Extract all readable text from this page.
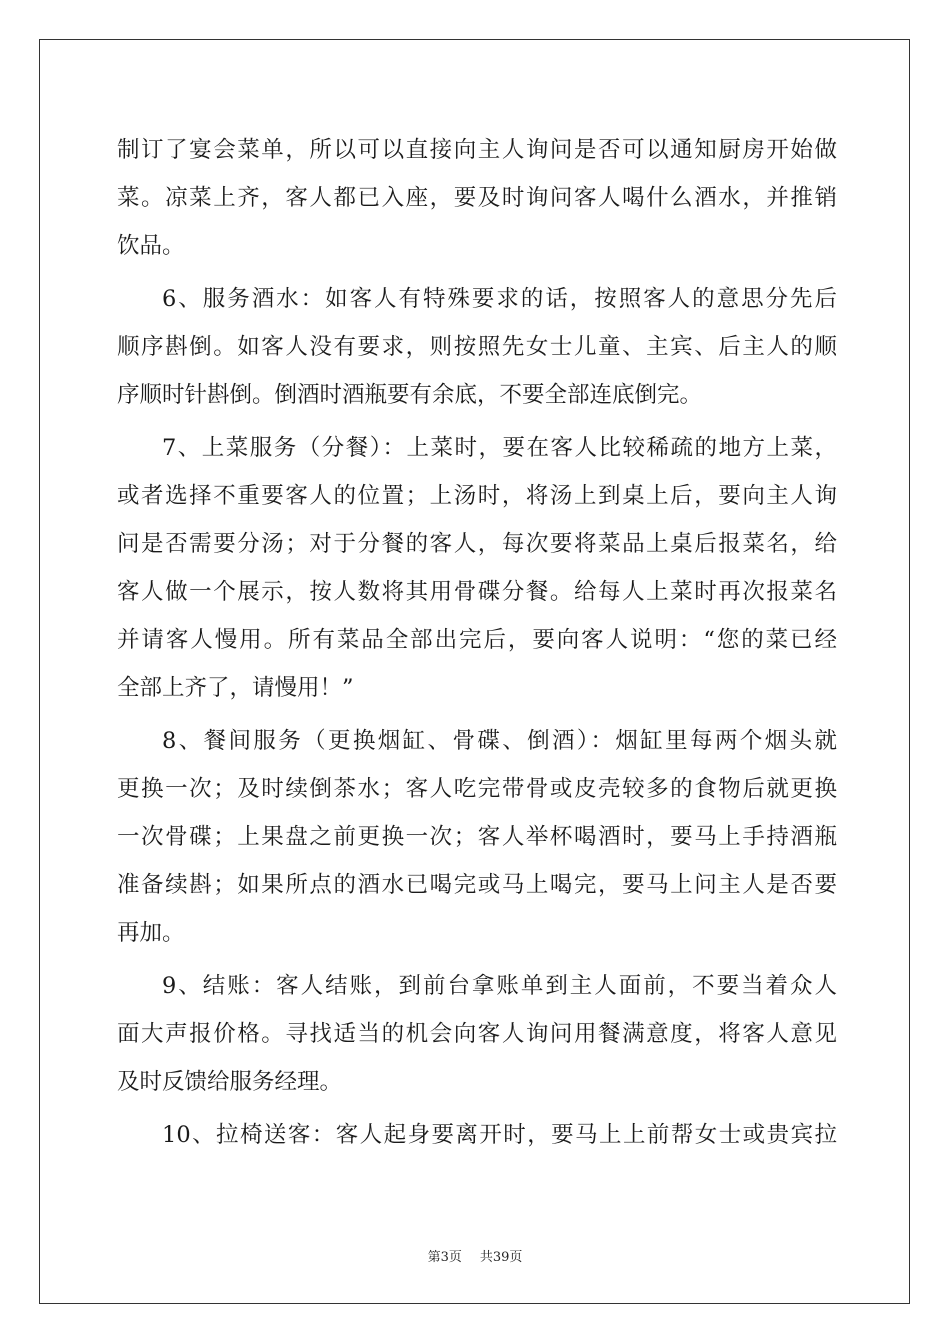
制订了宴会菜单，所以可以直接向主人询问是否可以通知厨房开始做
菜。凉菜上齐，客人都已入座，要及时询问客人喝什么酒水，并推销
饮品。
6、服务酒水：如客人有特殊要求的话，按照客人的意思分先后
顺序斟倒。如客人没有要求，则按照先女士儿童、主宾、后主人的顺
序顺时针斟倒。倒酒时酒瓶要有余底，不要全部连底倒完。
7、上菜服务（分餐）：上菜时，要在客人比较稀疏的地方上菜，
或者选择不重要客人的位置；上汤时，将汤上到桌上后，要向主人询
问是否需要分汤；对于分餐的客人，每次要将菜品上桌后报菜名，给
客人做一个展示，按人数将其用骨碟分餐。给每人上菜时再次报菜名
并请客人慢用。所有菜品全部出完后，要向客人说明：“您的菜已经
全部上齐了，请慢用！”
8、餐间服务（更换烟缸、骨碟、倒酒）：烟缸里每两个烟头就
更换一次；及时续倒茶水；客人吃完带骨或皮壳较多的食物后就更换
一次骨碟；上果盘之前更换一次；客人举杯喝酒时，要马上手持酒瓶
准备续斟；如果所点的酒水已喝完或马上喝完，要马上问主人是否要
再加。
9、结账：客人结账，到前台拿账单到主人面前，不要当着众人
面大声报价格。寻找适当的机会向客人询问用餐满意度，将客人意见
及时反馈给服务经理。
10、拉椅送客：客人起身要离开时，要马上上前帮女士或贵宾拉
第3页 共39页
